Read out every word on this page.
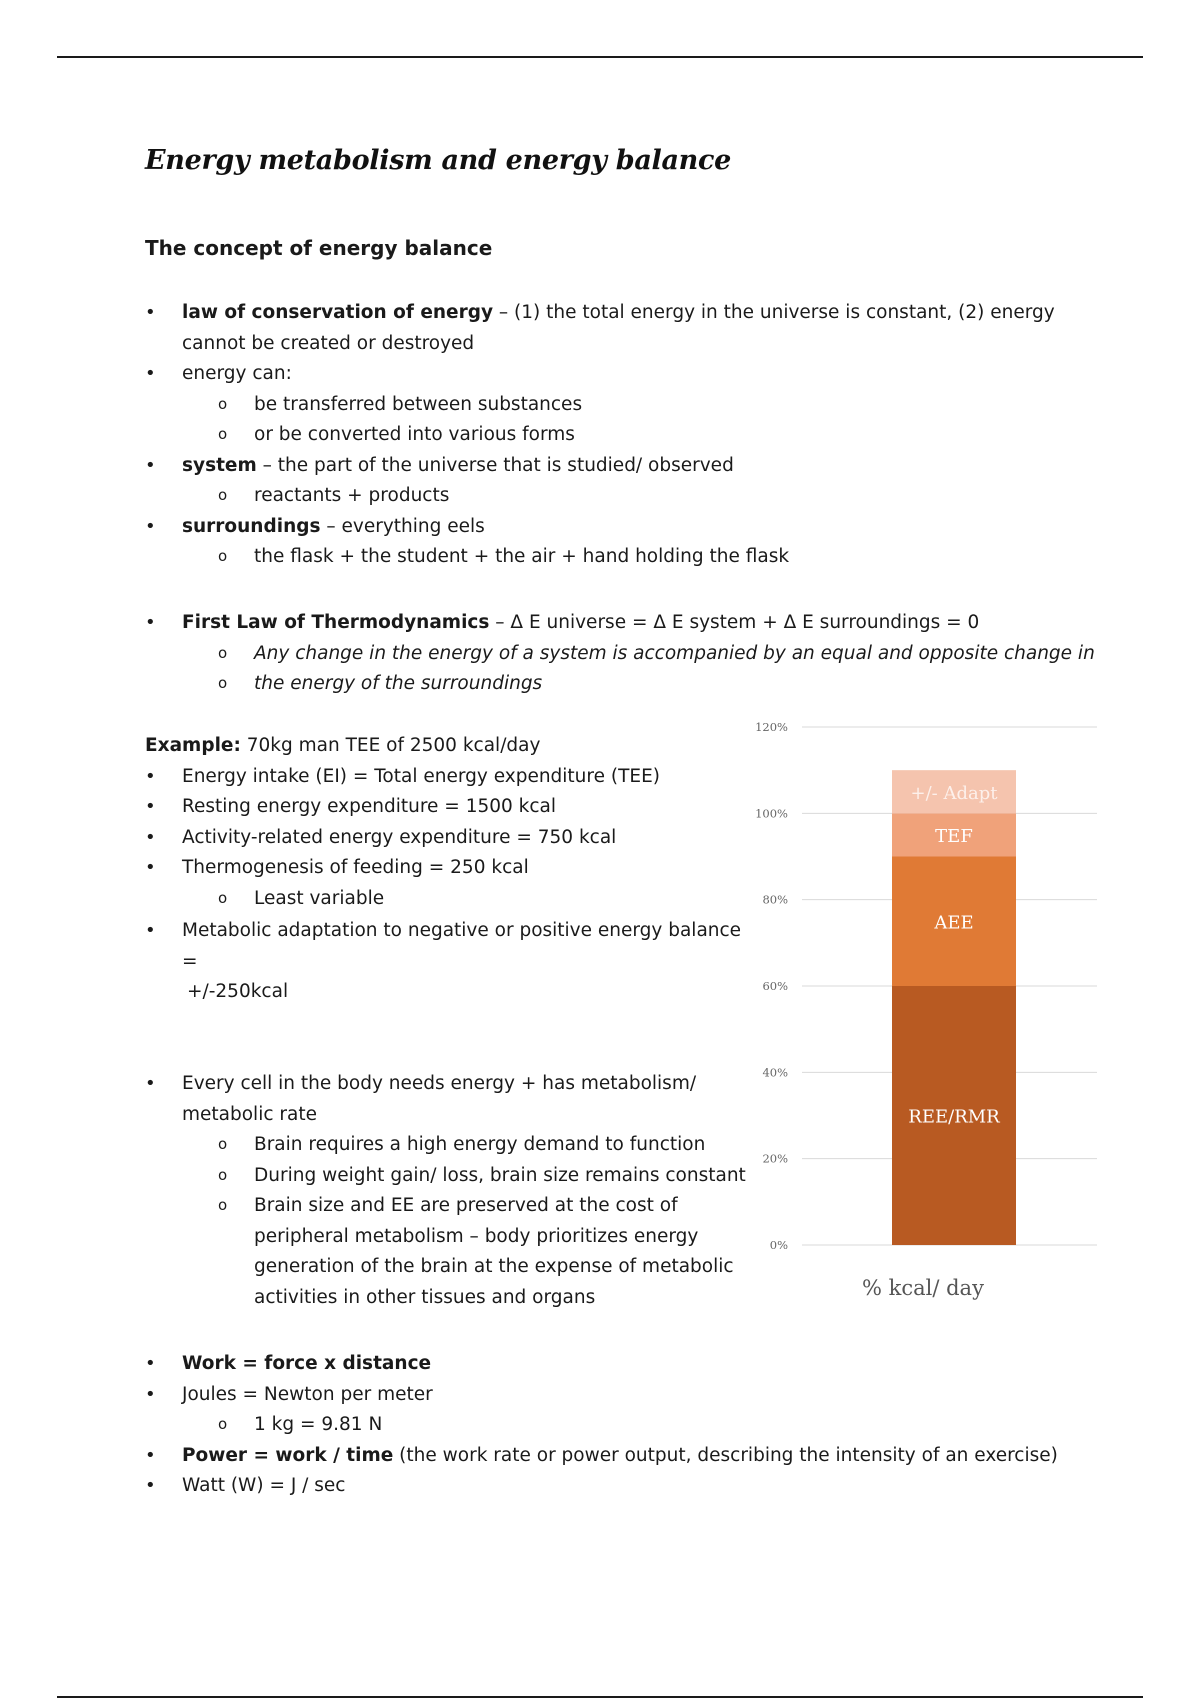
Energy metabolism and energy balance
The concept of energy balance
• law of conservation of energy – (1) the total energy in the universe is constant, (2) energy
cannot be created or destroyed
• energy can:
o be transferred between substances
o or be converted into various forms
• system – the part of the universe that is studied/ observed
o reactants + products
• surroundings – everything eels
o the flask + the student + the air + hand holding the flask
• First Law of Thermodynamics – Δ E universe = Δ E system + Δ E surroundings = 0
o Any change in the energy of a system is accompanied by an equal and opposite change in
o the energy of the surroundings
Example: 70kg man TEE of 2500 kcal/day
• Energy intake (EI) = Total energy expenditure (TEE)
• Resting energy expenditure = 1500 kcal
• Activity-related energy expenditure = 750 kcal
• Thermogenesis of feeding = 250 kcal
o Least variable
• Metabolic adaptation to negative or positive energy balance
=
+/-250kcal
• Every cell in the body needs energy + has metabolism/
metabolic rate
o Brain requires a high energy demand to function
o During weight gain/ loss, brain size remains constant
o Brain size and EE are preserved at the cost of
peripheral metabolism – body prioritizes energy
generation of the brain at the expense of metabolic
activities in other tissues and organs
• Work = force x distance
• Joules = Newton per meter
o 1 kg = 9.81 N
• Power = work / time (the work rate or power output, describing the intensity of an exercise)
• Watt (W) = J / sec
0%
20%
40%
60%
80%
100%
120%
REE/RMR
AEE
TEF
+/- Adapt
% kcal/ day
